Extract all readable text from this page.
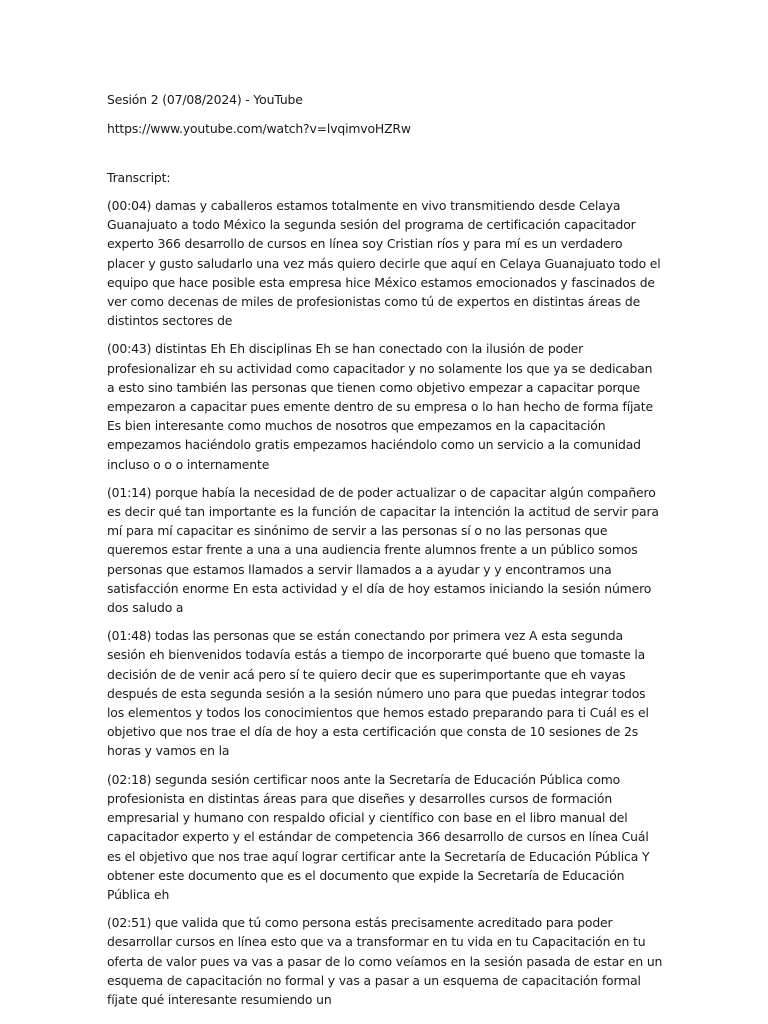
Sesión 2 (07/08/2024) - YouTube

https://www.youtube.com/watch?v=lvqimvoHZRw

Transcript:

(00:04) damas y caballeros estamos totalmente en vivo transmitiendo desde Celaya Guanajuato a todo México la segunda sesión del programa de certificación capacitador experto 366 desarrollo de cursos en línea soy Cristian ríos y para mí es un verdadero placer y gusto saludarlo una vez más quiero decirle que aquí en Celaya Guanajuato todo el equipo que hace posible esta empresa hice México estamos emocionados y fascinados de ver como decenas de miles de profesionistas como tú de expertos en distintas áreas de distintos sectores de

(00:43) distintas Eh Eh disciplinas Eh se han conectado con la ilusión de poder profesionalizar eh su actividad como capacitador y no solamente los que ya se dedicaban a esto sino también las personas que tienen como objetivo empezar a capacitar porque empezaron a capacitar pues emente dentro de su empresa o lo han hecho de forma fíjate Es bien interesante como muchos de nosotros que empezamos en la capacitación empezamos haciéndolo gratis empezamos haciéndolo como un servicio a la comunidad incluso o o o internamente

(01:14) porque había la necesidad de de poder actualizar o de capacitar algún compañero es decir qué tan importante es la función de capacitar la intención la actitud de servir para mí para mí capacitar es sinónimo de servir a las personas sí o no las personas que queremos estar frente a una a una audiencia frente alumnos frente a un público somos personas que estamos llamados a servir llamados a a ayudar y y encontramos una satisfacción enorme En esta actividad y el día de hoy estamos iniciando la sesión número dos saludo a

(01:48) todas las personas que se están conectando por primera vez A esta segunda sesión eh bienvenidos todavía estás a tiempo de incorporarte qué bueno que tomaste la decisión de de venir acá pero sí te quiero decir que es superimportante que eh vayas después de esta segunda sesión a la sesión número uno para que puedas integrar todos los elementos y todos los conocimientos que hemos estado preparando para ti Cuál es el objetivo que nos trae el día de hoy a esta certificación que consta de 10 sesiones de 2s horas y vamos en la

(02:18) segunda sesión certificar noos ante la Secretaría de Educación Pública como profesionista en distintas áreas para que diseñes y desarrolles cursos de formación empresarial y humano con respaldo oficial y científico con base en el libro manual del capacitador experto y el estándar de competencia 366 desarrollo de cursos en línea Cuál es el objetivo que nos trae aquí lograr certificar ante la Secretaría de Educación Pública Y obtener este documento que es el documento que expide la Secretaría de Educación Pública eh

(02:51) que valida que tú como persona estás precisamente acreditado para poder desarrollar cursos en línea esto que va a transformar en tu vida en tu Capacitación en tu oferta de valor pues va vas a pasar de lo como veíamos en la sesión pasada de estar en un esquema de capacitación no formal y vas a pasar a un esquema de capacitación formal fíjate qué interesante resumiendo un
